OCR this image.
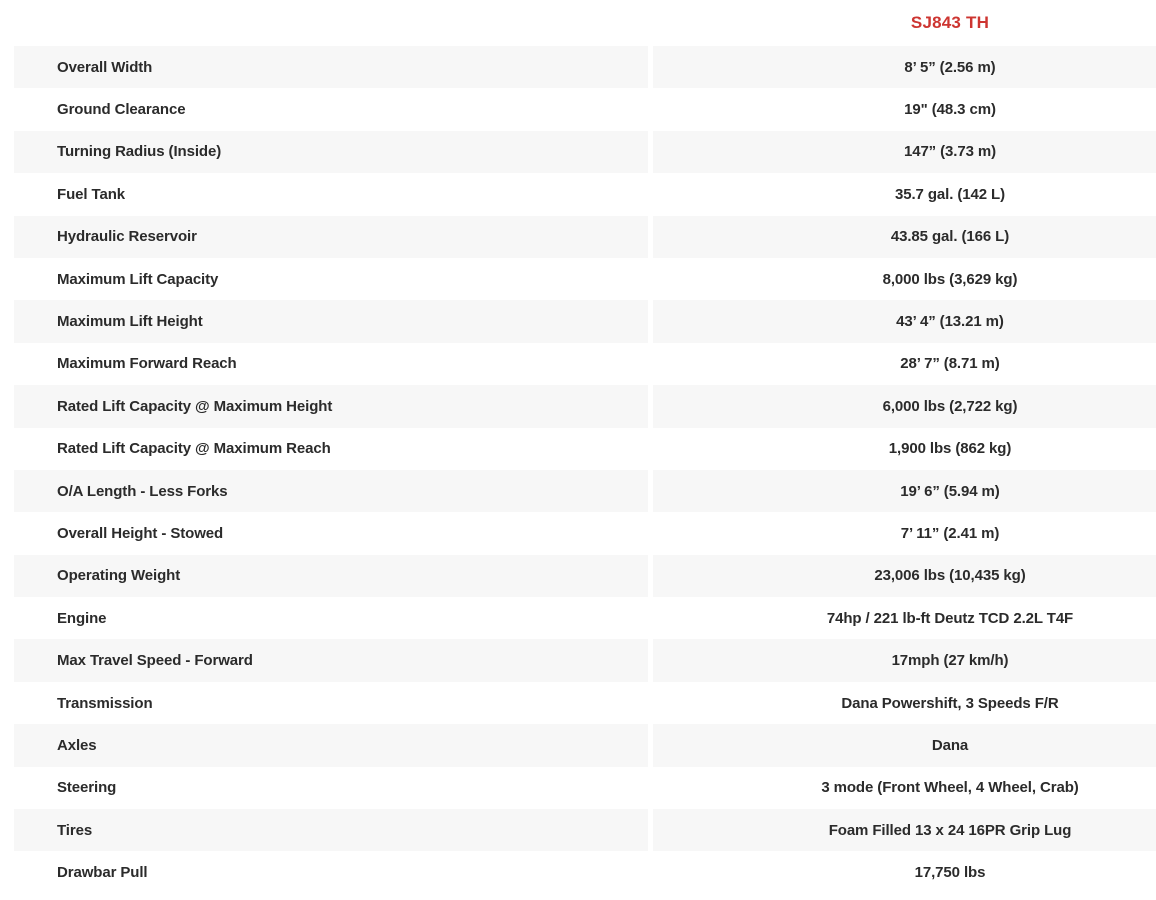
SJ843 TH
Overall Width	8’ 5” (2.56 m)
Ground Clearance	19" (48.3 cm)
Turning Radius (Inside)	147” (3.73 m)
Fuel Tank	35.7 gal. (142 L)
Hydraulic Reservoir	43.85 gal. (166 L)
Maximum Lift Capacity	8,000 lbs (3,629 kg)
Maximum Lift Height	43’ 4” (13.21 m)
Maximum Forward Reach	28’ 7” (8.71 m)
Rated Lift Capacity @ Maximum Height	6,000 lbs (2,722 kg)
Rated Lift Capacity @ Maximum Reach	1,900 lbs (862 kg)
O/A Length - Less Forks	19’ 6” (5.94 m)
Overall Height - Stowed	7’ 11” (2.41 m)
Operating Weight	23,006 lbs (10,435 kg)
Engine	74hp / 221 lb-ft Deutz TCD 2.2L T4F
Max Travel Speed - Forward	17mph (27 km/h)
Transmission	Dana Powershift, 3 Speeds F/R
Axles	Dana
Steering	3 mode (Front Wheel, 4 Wheel, Crab)
Tires	Foam Filled 13 x 24 16PR Grip Lug
Drawbar Pull	17,750 lbs
